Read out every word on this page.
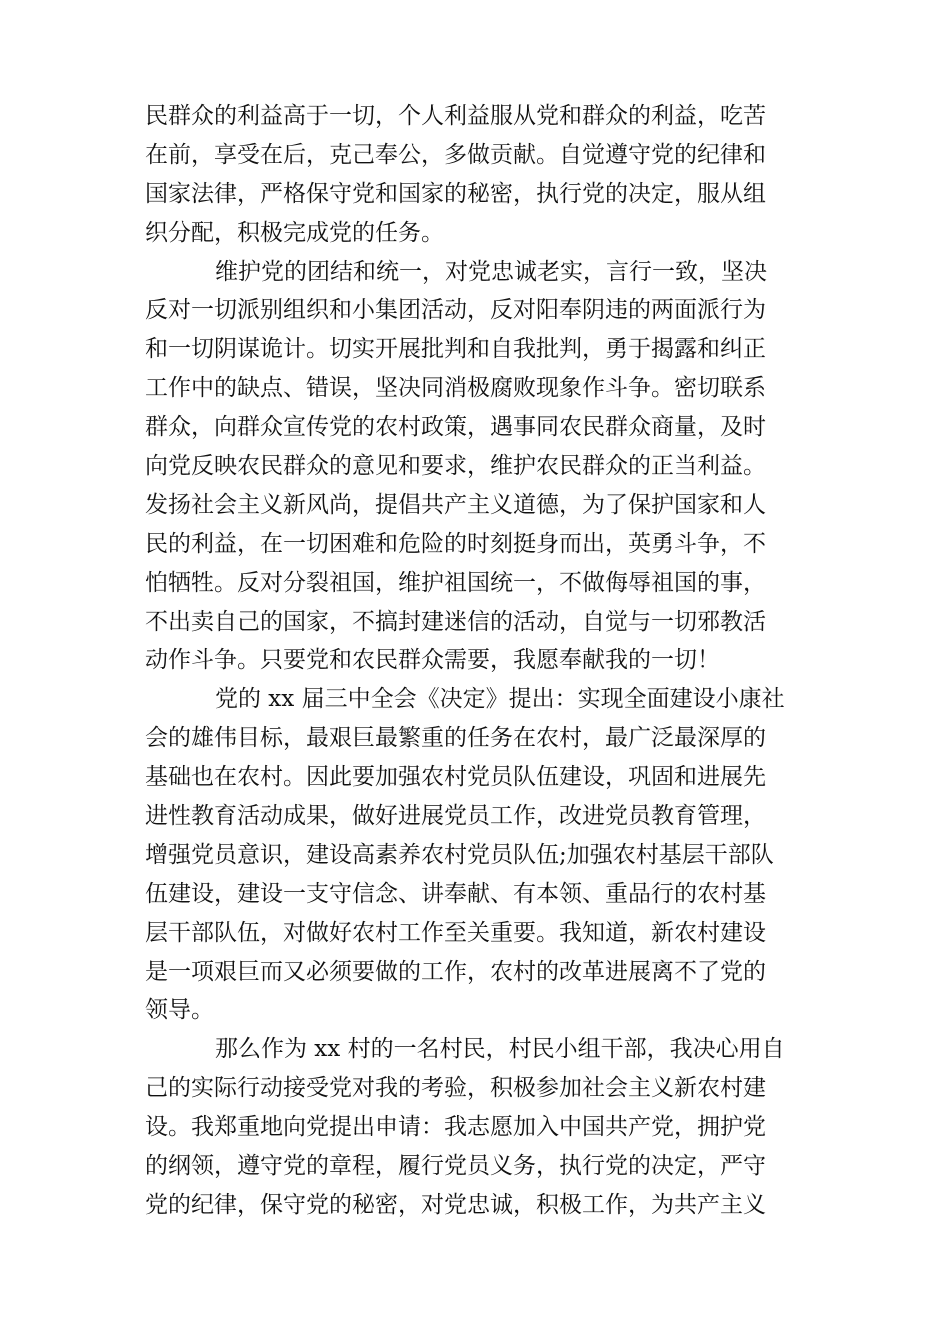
民群众的利益高于一切，个人利益服从党和群众的利益，吃苦
在前，享受在后，克己奉公，多做贡献。自觉遵守党的纪律和
国家法律，严格保守党和国家的秘密，执行党的决定，服从组
织分配，积极完成党的任务。
维护党的团结和统一，对党忠诚老实，言行一致，坚决
反对一切派别组织和小集团活动，反对阳奉阴违的两面派行为
和一切阴谋诡计。切实开展批判和自我批判，勇于揭露和纠正
工作中的缺点、错误，坚决同消极腐败现象作斗争。密切联系
群众，向群众宣传党的农村政策，遇事同农民群众商量，及时
向党反映农民群众的意见和要求，维护农民群众的正当利益。
发扬社会主义新风尚，提倡共产主义道德，为了保护国家和人
民的利益，在一切困难和危险的时刻挺身而出，英勇斗争，不
怕牺牲。反对分裂祖国，维护祖国统一，不做侮辱祖国的事，
不出卖自己的国家，不搞封建迷信的活动，自觉与一切邪教活
动作斗争。只要党和农民群众需要，我愿奉献我的一切！
党的 xx 届三中全会《决定》提出：实现全面建设小康社
会的雄伟目标，最艰巨最繁重的任务在农村，最广泛最深厚的
基础也在农村。因此要加强农村党员队伍建设，巩固和进展先
进性教育活动成果，做好进展党员工作，改进党员教育管理，
增强党员意识，建设高素养农村党员队伍;加强农村基层干部队
伍建设，建设一支守信念、讲奉献、有本领、重品行的农村基
层干部队伍，对做好农村工作至关重要。我知道，新农村建设
是一项艰巨而又必须要做的工作，农村的改革进展离不了党的
领导。
那么作为 xx 村的一名村民，村民小组干部，我决心用自
己的实际行动接受党对我的考验，积极参加社会主义新农村建
设。我郑重地向党提出申请：我志愿加入中国共产党，拥护党
的纲领，遵守党的章程，履行党员义务，执行党的决定，严守
党的纪律，保守党的秘密，对党忠诚，积极工作，为共产主义
